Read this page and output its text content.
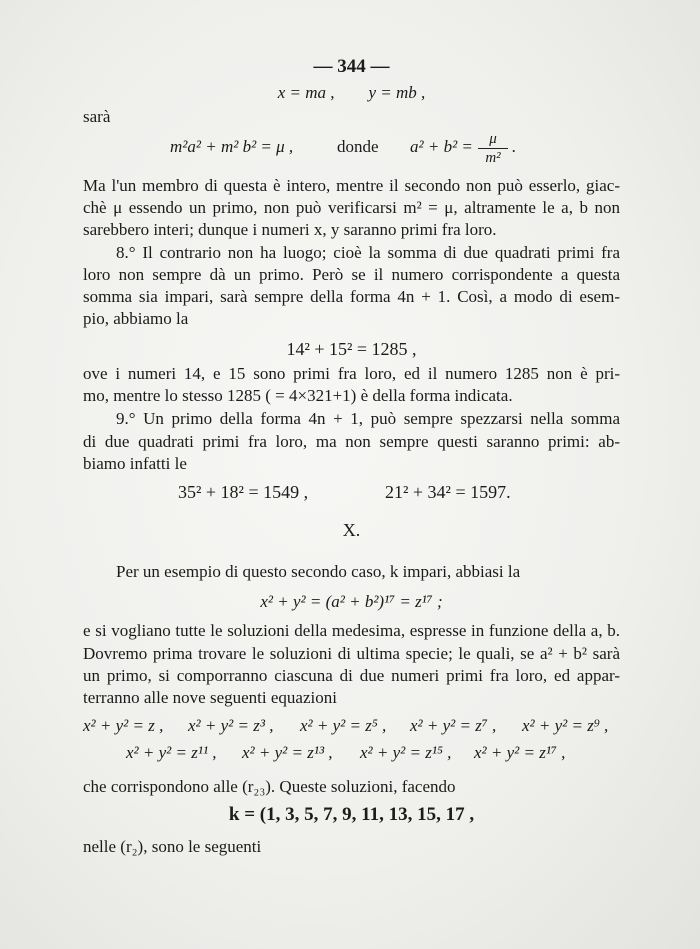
— 344 —
x = ma ,        y = mb ,
sarà
m²a² + m² b² = μ ,	donde $a^2 + b^2 = \frac{\mu}{\text{m²}}$ .
Ma l'un membro di questa è intero, mentre il secondo non può esserlo, giac-
chè μ essendo un primo, non può verificarsi m² = μ, altramente le a, b non
sarebbero interi; dunque i numeri x, y saranno primi fra loro.
8.° Il contrario non ha luogo; cioè la somma di due quadrati primi fra
loro non sempre dà un primo. Però se il numero corrispondente a questa
somma sia impari, sarà sempre della forma 4n + 1. Così, a modo di esem-
pio, abbiamo la
14² + 15² = 1285 ,
ove i numeri 14, e 15 sono primi fra loro, ed il numero 1285 non è pri-
mo, mentre lo stesso 1285 ( = 4×321+1) è della forma indicata.
9.° Un primo della forma 4n + 1, può sempre spezzarsi nella somma
di due quadrati primi fra loro, ma non sempre questi saranno primi: ab-
biamo infatti le
35² + 18² = 1549 ,	21² + 34² = 1597.
X.
Per un esempio di questo secondo caso, k impari, abbiasi la
x² + y² = (a² + b²)¹⁷ = z¹⁷ ;
e si vogliano tutte le soluzioni della medesima, espresse in funzione della a, b.
Dovremo prima trovare le soluzioni di ultima specie; le quali, se a² + b² sarà
un primo, si comporranno ciascuna di due numeri primi fra loro, ed appar-
terranno alle nove seguenti equazioni
x² + y² = z , x² + y² = z³ , x² + y² = z⁵ , x² + y² = z⁷ , x² + y² = z⁹ ,
x² + y² = z¹¹ , x² + y² = z¹³ , x² + y² = z¹⁵ , x² + y² = z¹⁷ ,
che corrispondono alle (r₂₃). Queste soluzioni, facendo
k = (1, 3, 5, 7, 9, 11, 13, 15, 17 ,
nelle (r₂), sono le seguenti
